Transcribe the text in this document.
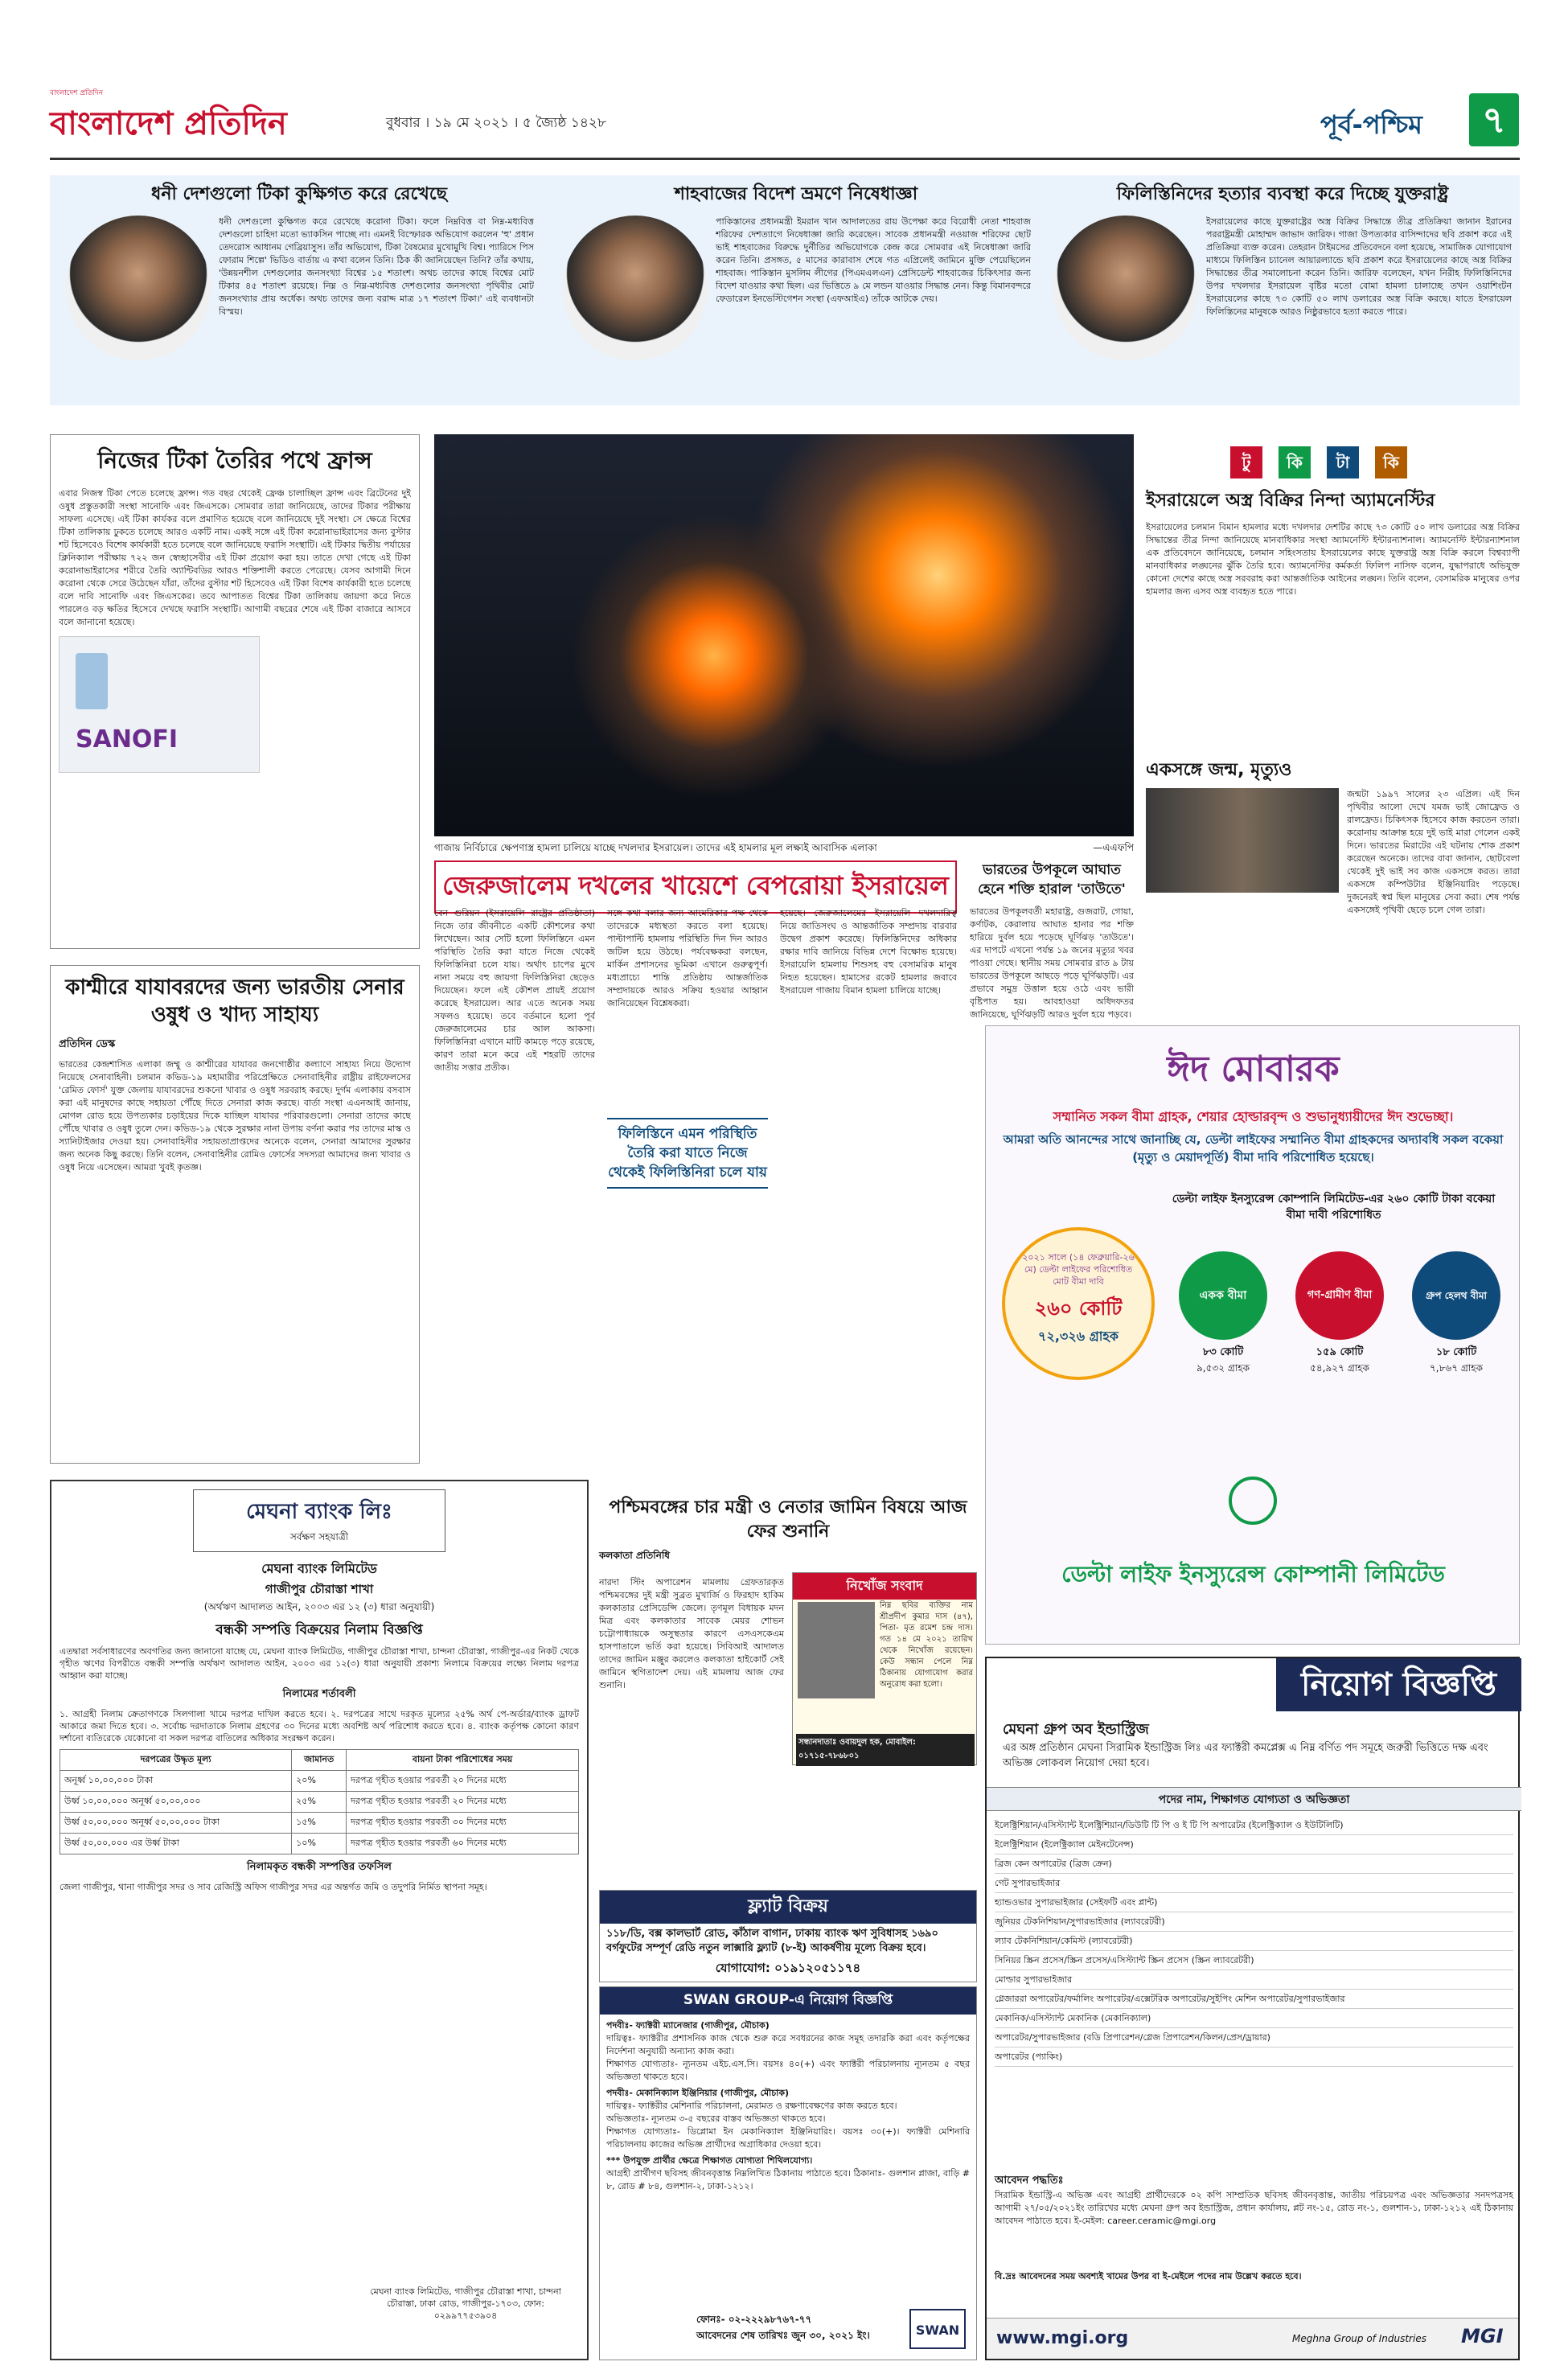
বাংলাদেশ প্রতিদিন
বাংলাদেশ প্রতিদিন	বুধবার । ১৯ মে ২০২১ । ৫ জ্যৈষ্ঠ ১৪২৮	পূর্ব-পশ্চিম	৭
ধনী দেশগুলো টিকা কুক্ষিগত করে রেখেছে

ধনী দেশগুলো কুক্ষিগত করে রেখেছে করোনা টিকা। ফলে নিম্নবিত্ত বা নিম্ন-মধ্যবিত্ত দেশগুলো চাহিদা মতো ভ্যাকসিন পাচ্ছে না। এমনই বিস্ফোরক অভিযোগ করলেন 'হু' প্রধান তেদরোস আধানম গেব্রিয়াসুস। তাঁর অভিযোগ, টিকা বৈষম্যের মুখোমুখি বিশ্ব। প্যারিসে পিস ফোরাম শিল্পে' ভিডিও বার্তায় এ কথা বলেন তিনি। ঠিক কী জানিয়েছেন তিনি? তাঁর কথায়, 'উন্নয়নশীল দেশগুলোর জনসংখ্যা বিশ্বের ১৫ শতাংশ। অথচ তাদের কাছে বিশ্বের মোট টিকার ৪৫ শতাংশ রয়েছে। নিম্ন ও নিম্ন-মধ্যবিত্ত দেশগুলোর জনসংখ্যা পৃথিবীর মোট জনসংখ্যার প্রায় অর্ধেক। অথচ তাদের জন্য বরাদ্দ মাত্র ১৭ শতাংশ টিকা।' এই ব্যবধানটা বিস্ময়।

শাহবাজের বিদেশ ভ্রমণে নিষেধাজ্ঞা

পাকিস্তানের প্রধানমন্ত্রী ইমরান খান আদালতের রায় উপেক্ষা করে বিরোধী নেতা শাহবাজ শরিফের দেশত্যাগে নিষেধাজ্ঞা জারি করেছেন। সাবেক প্রধানমন্ত্রী নওয়াজ শরিফের ছোট ভাই শাহবাজের বিরুদ্ধে দুর্নীতির অভিযোগকে কেন্দ্র করে সোমবার এই নিষেধাজ্ঞা জারি করেন তিনি। প্রসঙ্গত, ৫ মাসের কারাবাস শেষে গত এপ্রিলেই জামিনে মুক্তি পেয়েছিলেন শাহবাজ। পাকিস্তান মুসলিম লীগের (পিএমএলএন) প্রেসিডেন্ট শাহবাজের চিকিৎসার জন্য বিদেশ যাওয়ার কথা ছিল। এর ভিত্তিতে ৯ মে লন্ডন যাওয়ার সিদ্ধান্ত নেন। কিন্তু বিমানবন্দরে ফেডারেল ইনভেস্টিগেশন সংস্থা (এফআইএ) তাঁকে আটকে দেয়।

ফিলিস্তিনিদের হত্যার ব্যবস্থা করে দিচ্ছে যুক্তরাষ্ট্র

ইসরায়েলের কাছে যুক্তরাষ্ট্রের অস্ত্র বিক্রির সিদ্ধান্তে তীব্র প্রতিক্রিয়া জানান ইরানের পররাষ্ট্রমন্ত্রী মোহাম্মদ জাভাদ জারিফ। গাজা উপত্যকার বাসিন্দাদের ছবি প্রকাশ করে এই প্রতিক্রিয়া ব্যক্ত করেন। তেহরান টাইমসের প্রতিবেদনে বলা হয়েছে, সামাজিক যোগাযোগ মাধ্যমে ফিলিস্তিন চ্যানেল আয়ারল্যান্ডে ছবি প্রকাশ করে ইসরায়েলের কাছে অস্ত্র বিক্রির সিদ্ধান্তের তীব্র সমালোচনা করেন তিনি। জারিফ বলেছেন, যখন নিরীহ ফিলিস্তিনিদের উপর দখলদার ইসরায়েল বৃষ্টির মতো বোমা হামলা চালাচ্ছে তখন ওয়াশিংটন ইসরায়েলের কাছে ৭৩ কোটি ৫০ লাখ ডলারের অস্ত্র বিক্রি করছে। যাতে ইসরায়েল ফিলিস্তিনের মানুষকে আরও নিষ্ঠুরভাবে হত্যা করতে পারে।

নিজের টিকা তৈরির পথে ফ্রান্স
SANOFI

এবার নিজস্ব টিকা পেতে চলেছে ফ্রান্স। গত বছর থেকেই ফ্রেঞ্চ চালাচ্ছিল ফ্রান্স এবং ব্রিটেনের দুই ওষুধ প্রস্তুতকারী সংস্থা সানোফি এবং জিএসকে। সোমবার তারা জানিয়েছে, তাদের টিকার পরীক্ষায় সাফল্য এসেছে। এই টিকা কার্যকর বলে প্রমাণিত হয়েছে বলে জানিয়েছে দুই সংস্থা। সে ক্ষেত্রে বিশ্বের টিকা তালিকায় ঢুকতে চলেছে আরও একটি নাম। একই সঙ্গে এই টিকা করোনাভাইরাসের জন্য বুস্টার শট হিসেবেও বিশেষ কার্যকারী হতে চলেছে বলে জানিয়েছে ফরাসি সংস্থাটি। এই টিকার দ্বিতীয় পর্যায়ের ক্লিনিক্যাল পরীক্ষায় ৭২২ জন স্বেচ্ছাসেবীর এই টিকা প্রয়োগ করা হয়। তাতে দেখা গেছে এই টিকা করোনাভাইরাসের শরীরে তৈরি অ্যান্টিবডির আরও শক্তিশালী করতে পেরেছে। যেসব আগামী দিনে করোনা থেকে সেরে উঠেছেন যাঁরা, তাঁদের বুস্টার শট হিসেবেও এই টিকা বিশেষ কার্যকারী হতে চলেছে বলে দাবি সানোফি এবং জিএসকের। তবে আপাতত বিশ্বের টিকা তালিকায় জায়গা করে নিতে পারলেও বড় ক্ষতির হিসেবে দেখছে ফরাসি সংস্থাটি। আগামী বছরের শেষে এই টিকা বাজারে আসবে বলে জানানো হয়েছে।

কাশ্মীরে যাযাবরদের জন্য ভারতীয় সেনার ওষুধ ও খাদ্য সাহায্য
প্রতিদিন ডেস্ক

ভারতের কেন্দ্রশাসিত এলাকা জম্মু ও কাশ্মীরের যাযাবর জনগোষ্ঠীর কল্যাণে সাহায্য নিয়ে উদ্যোগ নিয়েছে সেনাবাহিনী। চলমান কভিড-১৯ মহামারীর পরিপ্রেক্ষিতে সেনাবাহিনীর রাষ্ট্রীয় রাইফেলসের 'রেমিত ফোর্স' যুক্ত জেলায় যাযাবরদের শুকনো খাবার ও ওষুধ সরবরাহ করছে। দুর্গম এলাকায় বসবাস করা এই মানুষদের কাছে সহায়তা পৌঁছে দিতে সেনারা কাজ করছে। বার্তা সংস্থা এএনআই জানায়, মোগল রোড হয়ে উপত্যকার চড়াইয়ের দিকে যাচ্ছিল যাযাবর পরিবারগুলো। সেনারা তাদের কাছে পৌঁছে খাবার ও ওষুধ তুলে দেন। কভিড-১৯ থেকে সুরক্ষার নানা উপায় বর্ণনা করার পর তাদের মাস্ক ও স্যানিটাইজার দেওয়া হয়। সেনাবাহিনীর সহায়তাপ্রাপ্তদের অনেকে বলেন, সেনারা আমাদের সুরক্ষার জন্য অনেক কিছু করছে। তিনি বলেন, সেনাবাহিনীর রোমিও ফোর্সের সদস্যরা আমাদের জন্য খাবার ও ওষুধ নিয়ে এসেছেন। আমরা খুবই কৃতজ্ঞ।

গাজায় নির্বিচারে ক্ষেপণাস্ত্র হামলা চালিয়ে যাচ্ছে দখলদার ইসরায়েল। তাদের এই হামলার মূল লক্ষ্যই আবাসিক এলাকা	—এএফপি
জেরুজালেম দখলের খায়েশে বেপরোয়া ইসরায়েল

বেন গুরিয়ন (ইসরায়েলি রাষ্ট্রের প্রতিষ্ঠাতা) নিজে তার জীবনীতে একটি কৌশলের কথা লিখেছেন। আর সেটি হলো ফিলিস্তিনে এমন পরিস্থিতি তৈরি করা যাতে নিজে থেকেই ফিলিস্তিনিরা চলে যায়। অর্থাৎ চাপের মুখে নানা সময়ে বহু জায়গা ফিলিস্তিনিরা ছেড়েও দিয়েছেন। ফলে এই কৌশল প্রায়ই প্রয়োগ করেছে ইসরায়েল। আর এতে অনেক সময় সফলও হয়েছে। তবে বর্তমানে হলো পূর্ব জেরুজালেমের চার আল আকসা। ফিলিস্তিনিরা এখানে মাটি কামড়ে পড়ে রয়েছে, কারণ তারা মনে করে এই শহরটি তাদের জাতীয় সত্তার প্রতীক।

ফিলিস্তিনে এমন পরিস্থিতি তৈরি করা যাতে নিজে থেকেই ফিলিস্তিনিরা চলে যায়

সঙ্গে কথা বলার জন্য আমেরিকার পক্ষ থেকে তাদেরকে মধ্যস্থতা করতে বলা হয়েছে। পাল্টাপাল্টি হামলায় পরিস্থিতি দিন দিন আরও জটিল হয়ে উঠছে। পর্যবেক্ষকরা বলছেন, মার্কিন প্রশাসনের ভূমিকা এখানে গুরুত্বপূর্ণ। মধ্যপ্রাচ্যে শান্তি প্রতিষ্ঠায় আন্তর্জাতিক সম্প্রদায়কে আরও সক্রিয় হওয়ার আহ্বান জানিয়েছেন বিশ্লেষকরা।

হয়েছে। জেরুজালেমের ইসরায়েলি দখলদারিত্ব নিয়ে জাতিসংঘ ও আন্তর্জাতিক সম্প্রদায় বারবার উদ্বেগ প্রকাশ করেছে। ফিলিস্তিনিদের অধিকার রক্ষার দাবি জানিয়ে বিভিন্ন দেশে বিক্ষোভ হয়েছে। ইসরায়েলি হামলায় শিশুসহ বহু বেসামরিক মানুষ নিহত হয়েছেন। হামাসের রকেট হামলার জবাবে ইসরায়েল গাজায় বিমান হামলা চালিয়ে যাচ্ছে।

ভারতের উপকূলে আঘাত হেনে শক্তি হারাল 'তাউতে'

ভারতের উপকূলবর্তী মহারাষ্ট্র, গুজরাট, গোয়া, কর্ণাটক, কেরালায় আঘাত হানার পর শক্তি হারিয়ে দুর্বল হয়ে পড়েছে ঘূর্ণিঝড় 'তাউতে'। এর দাপটে এখনো পর্যন্ত ১৯ জনের মৃত্যুর খবর পাওয়া গেছে। স্থানীয় সময় সোমবার রাত ৯ টায় ভারতের উপকূলে আছড়ে পড়ে ঘূর্ণিঝড়টি। এর প্রভাবে সমুদ্র উত্তাল হয়ে ওঠে এবং ভারী বৃষ্টিপাত হয়। আবহাওয়া অধিদফতর জানিয়েছে, ঘূর্ণিঝড়টি আরও দুর্বল হয়ে পড়বে।

টু	কি	টা	কি
ইসরায়েলে অস্ত্র বিক্রির নিন্দা অ্যামনেস্টির

ইসরায়েলের চলমান বিমান হামলার মধ্যে দখলদার দেশটির কাছে ৭৩ কোটি ৫০ লাখ ডলারের অস্ত্র বিক্রির সিদ্ধান্তের তীব্র নিন্দা জানিয়েছে মানবাধিকার সংস্থা অ্যামনেস্টি ইন্টারন্যাশনাল। অ্যামনেস্টি ইন্টারন্যাশনাল এক প্রতিবেদনে জানিয়েছে, চলমান সহিংসতায় ইসরায়েলের কাছে যুক্তরাষ্ট্র অস্ত্র বিক্রি করলে বিশ্বব্যাপী মানবাধিকার লঙ্ঘনের ঝুঁকি তৈরি হবে। অ্যামনেস্টির কর্মকর্তা ফিলিপ নাসিফ বলেন, যুদ্ধাপরাধে অভিযুক্ত কোনো দেশের কাছে অস্ত্র সরবরাহ করা আন্তর্জাতিক আইনের লঙ্ঘন। তিনি বলেন, বেসামরিক মানুষের ওপর হামলার জন্য এসব অস্ত্র ব্যবহৃত হতে পারে।

একসঙ্গে জন্ম, মৃত্যুও

জন্মটা ১৯৯৭ সালের ২৩ এপ্রিল। এই দিন পৃথিবীর আলো দেখে যমজ ভাই জোফ্রেড ও রালফ্রেড। চিকিৎসক হিসেবে কাজ করতেন তারা। করোনায় আক্রান্ত হয়ে দুই ভাই মারা গেলেন একই দিনে। ভারতের মিরাটের এই ঘটনায় শোক প্রকাশ করেছেন অনেকে। তাদের বাবা জানান, ছোটবেলা থেকেই দুই ভাই সব কাজ একসঙ্গে করত। তারা একসঙ্গে কম্পিউটার ইঞ্জিনিয়ারিং পড়েছে। দুজনেরই স্বপ্ন ছিল মানুষের সেবা করা। শেষ পর্যন্ত একসঙ্গেই পৃথিবী ছেড়ে চলে গেল তারা।

ঈদ মোবারক
সম্মানিত সকল বীমা গ্রাহক, শেয়ার হোল্ডারবৃন্দ ও শুভানুধ্যায়ীদের ঈদ শুভেচ্ছা।
আমরা অতি আনন্দের সাথে জানাচ্ছি যে, ডেল্টা লাইফের সম্মানিত বীমা গ্রাহকদের অদ্যাবধি সকল বকেয়া (মৃত্যু ও মেয়াদপূর্তি) বীমা দাবি পরিশোধিত হয়েছে।
ডেল্টা লাইফ ইনস্যুরেন্স কোম্পানি লিমিটেড-এর ২৬০ কোটি টাকা বকেয়া বীমা দাবী পরিশোধিত
২০২১ সালে (১৪ ফেব্রুয়ারি-২৬ মে) ডেল্টা লাইফের পরিশোধিত মোট বীমা দাবি
২৬০ কোটি
৭২,৩২৬ গ্রাহক
একক বীমা
৮৩ কোটি
৯,৫৩২ গ্রাহক
গণ-গ্রামীণ বীমা
১৫৯ কোটি
৫৪,৯২৭ গ্রাহক
গ্রুপ হেলথ বীমা
১৮ কোটি
৭,৮৬৭ গ্রাহক
ডেল্টা লাইফ ইনস্যুরেন্স কোম্পানী লিমিটেড
পশ্চিমবঙ্গের চার মন্ত্রী ও নেতার জামিন বিষয়ে আজ ফের শুনানি
কলকাতা প্রতিনিধি

নারদা স্টিং অপারেশন মামলায় গ্রেফতারকৃত পশ্চিমবঙ্গের দুই মন্ত্রী সুব্রত মুখার্জি ও ফিরহাদ হাকিম কলকাতার প্রেসিডেন্সি জেলে। তৃণমূল বিধায়ক মদন মিত্র এবং কলকাতার সাবেক মেয়র শোভন চট্টোপাধ্যায়কে অসুস্থতার কারণে এসএসকেএম হাসপাতালে ভর্তি করা হয়েছে। সিবিআই আদালত তাদের জামিন মঞ্জুর করলেও কলকাতা হাইকোর্ট সেই জামিনে স্থগিতাদেশ দেয়। এই মামলায় আজ ফের শুনানি।

নিখোঁজ সংবাদ

নিম্ন ছবির ব্যক্তির নাম শ্রীপ্রদীপ কুমার দাস (৪৭), পিতা- মৃত রমেশ চন্দ্র দাস। গত ১৪ মে ২০২১ তারিখ থেকে নিখোঁজ রয়েছেন। কেউ সন্ধান পেলে নিম্ন ঠিকানায় যোগাযোগ করার অনুরোধ করা হলো।

সন্ধানদাতাঃ ওবায়দুল হক, মোবাইল: ০১৭১৫-৭৮৬৮০১
ফ্ল্যাট বিক্রয়
১১৮/ডি, বক্স কালভার্ট রোড, কাঁঠাল বাগান, ঢাকায় ব্যাংক ঋণ সুবিধাসহ ১৬৯০ বর্গফুটের সম্পূর্ণ রেডি নতুন লাক্সারি ফ্ল্যাট (৮-ই) আকর্ষণীয় মূল্যে বিক্রয় হবে।
যোগাযোগ: ০১৯১২০৫১১৭৪
SWAN GROUP-এ নিয়োগ বিজ্ঞপ্তি
পদবীঃ- ফ্যাক্টরী ম্যানেজার (গাজীপুর, মৌচাক)
দায়িত্বঃ- ফ্যাক্টরীর প্রশাসনিক কাজ থেকে শুরু করে সবধরনের কাজ সমূহ তদারকি করা এবং কর্তৃপক্ষের নির্দেশনা অনুযায়ী অন্যান্য কাজ করা।
শিক্ষাগত যোগ্যতাঃ- ন্যূনতম এইচ.এস.সি। বয়সঃ ৪০(+) এবং ফ্যাক্টরী পরিচালনায় ন্যূনতম ৫ বছর অভিজ্ঞতা থাকতে হবে।
পদবীঃ- মেকানিক্যাল ইঞ্জিনিয়ার (গাজীপুর, মৌচাক)
দায়িত্বঃ- ফ্যাক্টরীর মেশিনারি পরিচালনা, মেরামত ও রক্ষণাবেক্ষণের কাজ করতে হবে।
অভিজ্ঞতাঃ- ন্যূনতম ৩-৫ বছরের বাস্তব অভিজ্ঞতা থাকতে হবে।
শিক্ষাগত যোগ্যতাঃ- ডিপ্লোমা ইন মেকানিক্যাল ইঞ্জিনিয়ারিং। বয়সঃ ৩০(+)। ফ্যাক্টরী মেশিনারি পরিচালনায় কাজের অভিজ্ঞ প্রার্থীদের অগ্রাধিকার দেওয়া হবে।
*** উপযুক্ত প্রার্থীর ক্ষেত্রে শিক্ষাগত যোগ্যতা শিথিলযোগ্য।
আগ্রহী প্রার্থীগণ ছবিসহ জীবনবৃত্তান্ত নিম্নলিখিত ঠিকানায় পাঠাতে হবে। ঠিকানাঃ- গুলশান প্লাজা, বাড়ি # ৮, রোড # ৮৪, গুলশান-২, ঢাকা-১২১২।
ফোনঃ- ০২-২২২৯৮৭৬৭-৭৭
আবেদনের শেষ তারিখঃ জুন ৩০, ২০২১ ইং।	SWAN
মেঘনা ব্যাংক লিঃ
সর্বক্ষণ সহযাত্রী
মেঘনা ব্যাংক লিমিটেড
গাজীপুর চৌরাস্তা শাখা
(অর্থঋণ আদালত আইন, ২০০৩ এর ১২ (৩) ধারা অনুযায়ী)
বন্ধকী সম্পত্তি বিক্রয়ের নিলাম বিজ্ঞপ্তি

এতদ্বারা সর্বসাধারণের অবগতির জন্য জানানো যাচ্ছে যে, মেঘনা ব্যাংক লিমিটেড, গাজীপুর চৌরাস্তা শাখা, চান্দনা চৌরাস্তা, গাজীপুর-এর নিকট থেকে গৃহীত ঋণের বিপরীতে বন্ধকী সম্পত্তি অর্থঋণ আদালত আইন, ২০০৩ এর ১২(৩) ধারা অনুযায়ী প্রকাশ্য নিলামে বিক্রয়ের লক্ষ্যে নিলাম দরপত্র আহ্বান করা যাচ্ছে।

নিলামের শর্তাবলী

১. আগ্রহী নিলাম ক্রেতাগণকে সিলগালা খামে দরপত্র দাখিল করতে হবে। ২. দরপত্রের সাথে দরকৃত মূল্যের ২৫% অর্থ পে-অর্ডার/ব্যাংক ড্রাফট আকারে জমা দিতে হবে। ৩. সর্বোচ্চ দরদাতাকে নিলাম গ্রহণের ৩০ দিনের মধ্যে অবশিষ্ট অর্থ পরিশোধ করতে হবে। ৪. ব্যাংক কর্তৃপক্ষ কোনো কারণ দর্শানো ব্যতিরেকে যেকোনো বা সকল দরপত্র বাতিলের অধিকার সংরক্ষণ করেন।

দরপত্রের উদ্ধৃত মূল্য	জামানত	বায়না টাকা পরিশোধের সময়
অনূর্ধ্ব ১০,০০,০০০ টাকা	২০%	দরপত্র গৃহীত হওয়ার পরবর্তী ২০ দিনের মধ্যে
উর্ধ্ব ১০,০০,০০০ অনূর্ধ্ব ৫০,০০,০০০	২৫%	দরপত্র গৃহীত হওয়ার পরবর্তী ২০ দিনের মধ্যে
উর্ধ্ব ৫০,০০,০০০ অনূর্ধ্ব ৫০,০০,০০০ টাকা	১৫%	দরপত্র গৃহীত হওয়ার পরবর্তী ৩০ দিনের মধ্যে
উর্ধ্ব ৫০,০০,০০০ এর উর্ধ্ব টাকা	১০%	দরপত্র গৃহীত হওয়ার পরবর্তী ৬০ দিনের মধ্যে
নিলামকৃত বন্ধকী সম্পত্তির তফসিল

জেলা গাজীপুর, থানা গাজীপুর সদর ও সাব রেজিস্ট্রি অফিস গাজীপুর সদর এর অন্তর্গত জমি ও তদুপরি নির্মিত স্থাপনা সমূহ।

মেঘনা ব্যাংক লিমিটেড, গাজীপুর চৌরাস্তা শাখা, চান্দনা চৌরাস্তা, ঢাকা রোড, গাজীপুর-১৭০৩, ফোন: ০২৯৯৭৭৫৩৯০৪
নিয়োগ বিজ্ঞপ্তি
মেঘনা গ্রুপ অব ইন্ডাস্ট্রিজ
এর অঙ্গ প্রতিষ্ঠান মেঘনা সিরামিক ইন্ডাস্ট্রিজ লিঃ এর ফ্যাক্টরী কমপ্লেক্স এ নিম্ন বর্ণিত পদ সমূহে জরুরী ভিত্তিতে দক্ষ এবং অভিজ্ঞ লোকবল নিয়োগ দেয়া হবে।
পদের নাম, শিক্ষাগত যোগ্যতা ও অভিজ্ঞতা
ইলেক্ট্রিশিয়ান/এসিস্ট্যান্ট ইলেক্ট্রিশিয়ান/ডিউটি টি পি ও ই টি পি অপারেটর (ইলেক্ট্রিক্যাল ও ইউটিলিটি)
ইলেক্ট্রিশিয়ান (ইলেক্ট্রিক্যাল মেইনটেনেন্স)
ব্রিজ কেন অপারেটর (ব্রিজ ক্রেন)
গেট সুপারভাইজার
হ্যান্ডওভার সুপারভাইজার (সেইফটি এবং প্লান্ট)
জুনিয়র টেকনিশিয়ান/সুপারভাইজার (ল্যাবরেটরী)
ল্যাব টেকনিশিয়ান/কেমিস্ট (ল্যাবরেটরী)
সিনিয়র স্ক্রিন প্রসেস/স্ক্রিন প্রসেস/এসিস্ট্যান্ট স্ক্রিন প্রসেস (স্ক্রিন ল্যাবরেটরী)
মোল্ডার সুপারভাইজার
গ্লেজাররা অপারেটর/ফর্মালিং অপারেটর/এক্সেটরিক অপারেটর/সুইপিং মেশিন অপারেটর/সুপারভাইজার
মেকানিক/এসিস্ট্যান্ট মেকানিক (মেকানিক্যাল)
অপারেটর/সুপারভাইজার (বডি প্রিপারেশন/গ্লেজ প্রিপারেশন/কিলন/প্রেস/ড্রায়ার)
অপারেটর (প্যাকিং)
আবেদন পদ্ধতিঃ
সিরামিক ইন্ডাস্ট্রি-এ অভিজ্ঞ এবং আগ্রহী প্রার্থীদেরকে ০২ কপি সাম্প্রতিক ছবিসহ জীবনবৃত্তান্ত, জাতীয় পরিচয়পত্র এবং অভিজ্ঞতার সনদপত্রসহ আগামী ২৭/০৫/২০২১ইং তারিখের মধ্যে মেঘনা গ্রুপ অব ইন্ডাস্ট্রিজ, প্রধান কার্যালয়, প্লট নং-১৫, রোড নং-১, গুলশান-১, ঢাকা-১২১২ এই ঠিকানায় আবেদন পাঠাতে হবে। ই-মেইল: career.ceramic@mgi.org
বি.দ্রঃ আবেদনের সময় অবশ্যই খামের উপর বা ই-মেইলে পদের নাম উল্লেখ করতে হবে।
www.mgi.org	Meghna Group of Industries MGI
